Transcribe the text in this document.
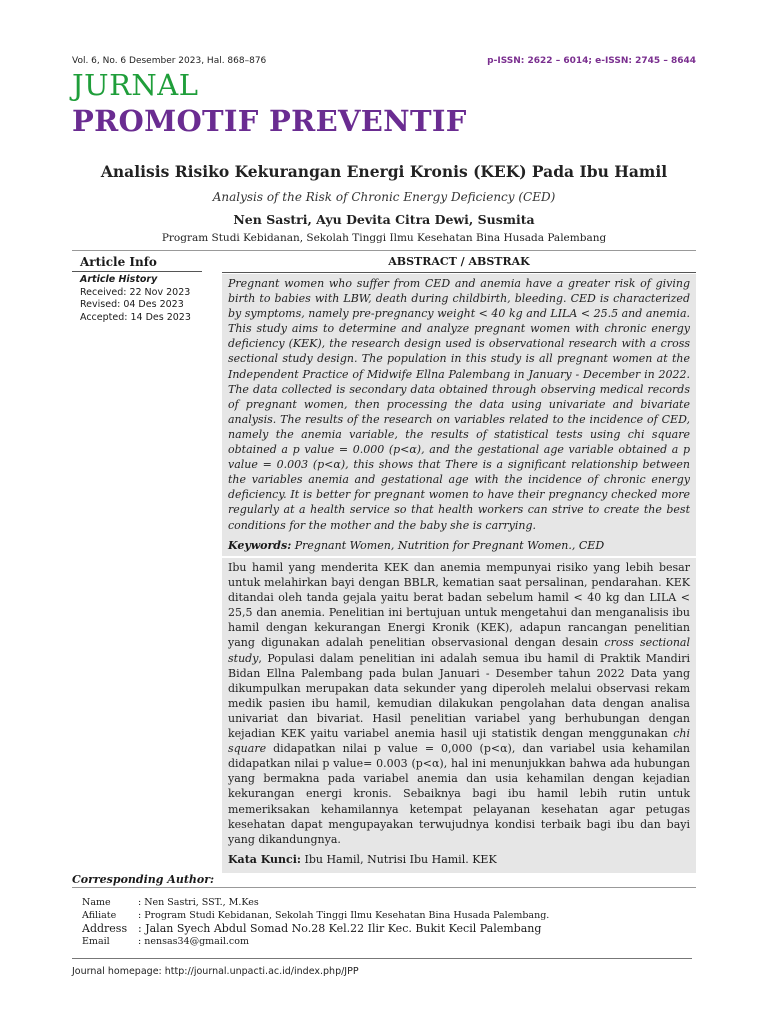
Vol. 6, No. 6 Desember 2023, Hal. 868–876	p-ISSN: 2622 – 6014; e-ISSN: 2745 – 8644
JURNAL
PROMOTIF PREVENTIF
Analisis Risiko Kekurangan Energi Kronis (KEK) Pada Ibu Hamil
Analysis of the Risk of Chronic Energy Deficiency (CED)
Nen Sastri, Ayu Devita Citra Dewi, Susmita
Program Studi Kebidanan, Sekolah Tinggi Ilmu Kesehatan Bina Husada Palembang
Article Info
Article History
Received: 22 Nov 2023
Revised: 04 Des 2023
Accepted: 14 Des 2023
ABSTRACT / ABSTRAK
Pregnant women who suffer from CED and anemia have a greater risk of giving birth to babies with LBW, death during childbirth, bleeding. CED is characterized by symptoms, namely pre-pregnancy weight < 40 kg and LILA < 25.5 and anemia. This study aims to determine and analyze pregnant women with chronic energy deficiency (KEK), the research design used is observational research with a cross sectional study design. The population in this study is all pregnant women at the Independent Practice of Midwife Ellna Palembang in January - December in 2022. The data collected is secondary data obtained through observing medical records of pregnant women, then processing the data using univariate and bivariate analysis. The results of the research on variables related to the incidence of CED, namely the anemia variable, the results of statistical tests using chi square obtained a p value = 0.000 (p<α), and the gestational age variable obtained a p value = 0.003 (p<α), this shows that There is a significant relationship between the variables anemia and gestational age with the incidence of chronic energy deficiency. It is better for pregnant women to have their pregnancy checked more regularly at a health service so that health workers can strive to create the best conditions for the mother and the baby she is carrying.
Keywords: Pregnant Women, Nutrition for Pregnant Women., CED
Ibu hamil yang menderita KEK dan anemia mempunyai risiko yang lebih besar untuk melahirkan bayi dengan BBLR, kematian saat persalinan, pendarahan. KEK ditandai oleh tanda gejala yaitu berat badan sebelum hamil < 40 kg dan LILA < 25,5 dan anemia. Penelitian ini bertujuan untuk mengetahui dan menganalisis ibu hamil dengan kekurangan Energi Kronik (KEK), adapun rancangan penelitian yang digunakan adalah penelitian observasional dengan desain cross sectional study, Populasi dalam penelitian ini adalah semua ibu hamil di Praktik Mandiri Bidan Ellna Palembang pada bulan Januari - Desember tahun 2022 Data yang dikumpulkan merupakan data sekunder yang diperoleh melalui observasi rekam medik pasien ibu hamil, kemudian dilakukan pengolahan data dengan analisa univariat dan bivariat. Hasil penelitian variabel yang berhubungan dengan kejadian KEK yaitu variabel anemia hasil uji statistik dengan menggunakan chi square didapatkan nilai p value = 0,000 (p<α), dan variabel usia kehamilan didapatkan nilai p value= 0.003 (p<α), hal ini menunjukkan bahwa ada hubungan yang bermakna pada variabel anemia dan usia kehamilan dengan kejadian kekurangan energi kronis. Sebaiknya bagi ibu hamil lebih rutin untuk memeriksakan kehamilannya ketempat pelayanan kesehatan agar petugas kesehatan dapat mengupayakan terwujudnya kondisi terbaik bagi ibu dan bayi yang dikandungnya.
Kata Kunci: Ibu Hamil, Nutrisi Ibu Hamil. KEK
Corresponding Author:
Name	: Nen Sastri, SST., M.Kes
Afiliate	: Program Studi Kebidanan, Sekolah Tinggi Ilmu Kesehatan Bina Husada Palembang.
Address : Jalan Syech Abdul Somad No.28 Kel.22 Ilir Kec. Bukit Kecil Palembang
Email	: nensas34@gmail.com
Journal homepage: http://journal.unpacti.ac.id/index.php/JPP
